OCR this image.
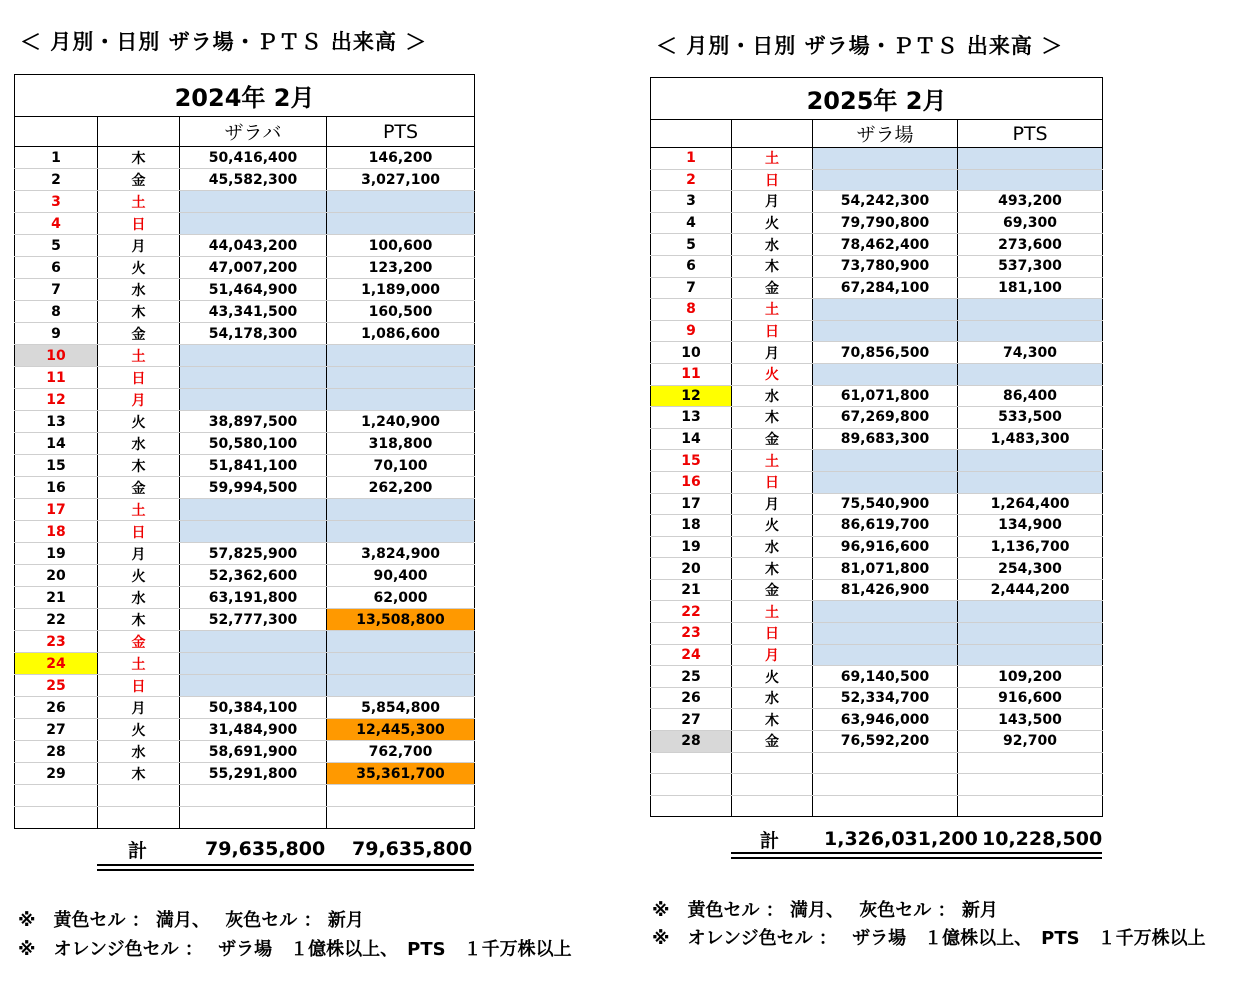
＜ 月別・日別 ザラ場・ＰＴＳ 出来高 ＞
2024年 2月			
		ザラバ	PTS
1	木	50,416,400	146,200
2	金	45,582,300	3,027,100
3	土		
4	日		
5	月	44,043,200	100,600
6	火	47,007,200	123,200
7	水	51,464,900	1,189,000
8	木	43,341,500	160,500
9	金	54,178,300	1,086,600
10	土		
11	日		
12	月		
13	火	38,897,500	1,240,900
14	水	50,580,100	318,800
15	木	51,841,100	70,100
16	金	59,994,500	262,200
17	土		
18	日		
19	月	57,825,900	3,824,900
20	火	52,362,600	90,400
21	水	63,191,800	62,000
22	木	52,777,300	13,508,800
23	金		
24	土		
25	日		
26	月	50,384,100	5,854,800
27	火	31,484,900	12,445,300
28	水	58,691,900	762,700
29	木	55,291,800	35,361,700

計	79,635,800 79,635,800
※　黄色セル ： 満月、　 灰色セル ： 新月
※　オレンジ色セル ：　 ザラ場　１億株以上、　PTS　１千万株以上
＜ 月別・日別 ザラ場・ＰＴＳ 出来高 ＞
2025年 2月			
		ザラ場	PTS
1	土		
2	日		
3	月	54,242,300	493,200
4	火	79,790,800	69,300
5	水	78,462,400	273,600
6	木	73,780,900	537,300
7	金	67,284,100	181,100
8	土		
9	日		
10	月	70,856,500	74,300
11	火		
12	水	61,071,800	86,400
13	木	67,269,800	533,500
14	金	89,683,300	1,483,300
15	土		
16	日		
17	月	75,540,900	1,264,400
18	火	86,619,700	134,900
19	水	96,916,600	1,136,700
20	木	81,071,800	254,300
21	金	81,426,900	2,444,200
22	土		
23	日		
24	月		
25	火	69,140,500	109,200
26	水	52,334,700	916,600
27	木	63,946,000	143,500
28	金	76,592,200	92,700

計 1,326,031,200 10,228,500
※　黄色セル ： 満月、　 灰色セル ： 新月
※　オレンジ色セル ：　 ザラ場　１億株以上、　PTS　１千万株以上
